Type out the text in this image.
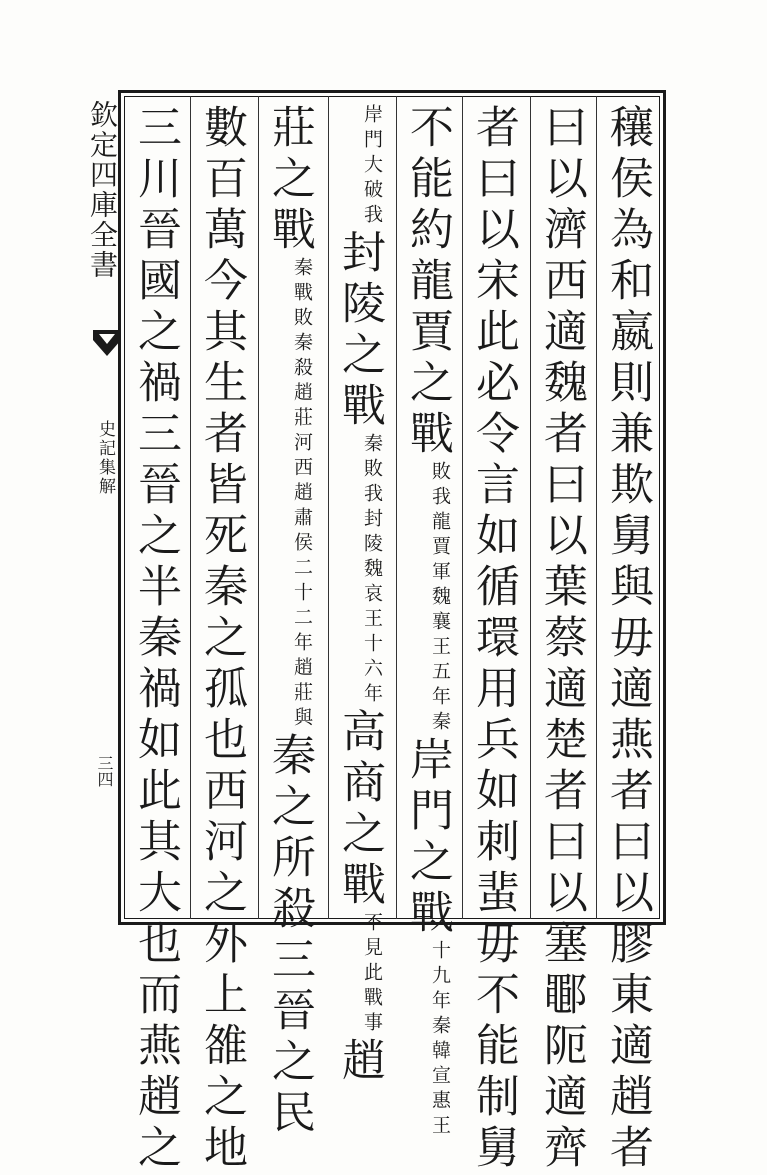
欽定四庫全書
史記集解
三四	穰侯為和嬴則兼欺舅與毋適燕者曰以膠東適趙者
曰以濟西適魏者曰以葉蔡適楚者曰以塞鄳阨適齊
者曰以宋此必令言如循環用兵如刺蜚毋不能制舅
不能約龍賈之戰
魏襄王五年秦
敗我龍賈軍
岸門之戰
韓宣惠王
十九年秦
大破我
岸門
封陵之戰
魏哀王十六年
秦敗我封陵
高商之戰
此戰事
不見
趙
莊之戰
趙肅侯二十二年趙莊與
秦戰敗秦殺趙莊河西
秦之所殺三晉之民
數百萬今其生者皆死秦之孤也西河之外上雒之地
三川晉國之禍三晉之半秦禍如此其大也而燕趙之
